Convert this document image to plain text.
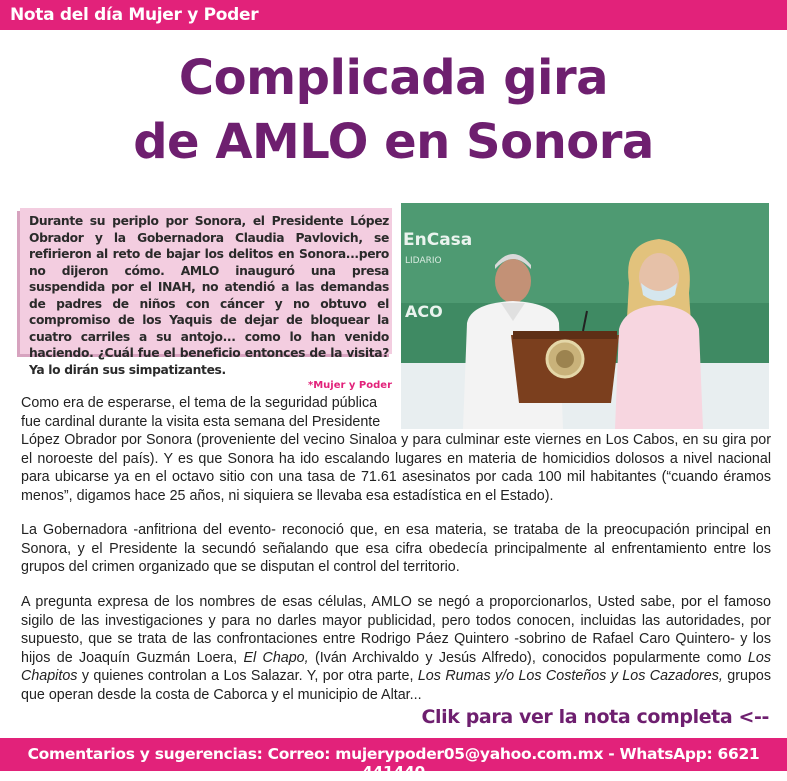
Nota del día Mujer y Poder
Complicada gira
de AMLO en Sonora
Durante su periplo por Sonora, el Presidente López Obrador y la Gobernadora Claudia Pavlovich, se refirieron al reto de bajar los delitos en Sonora...pero no dijeron cómo. AMLO inauguró una presa suspendida por el INAH, no atendió a las demandas de padres de niños con cáncer y no obtuvo el compromiso de los Yaquis de dejar de bloquear la cuatro carriles a su antojo... como lo han venido haciendo. ¿Cuál fue el beneficio entonces de la visita? Ya lo dirán sus simpatizantes.
EnCasa
LIDARIO
ACO
*Mujer y Poder
Como era de esperarse, el tema de la seguridad pública
fue cardinal durante la visita esta semana del Presidente
López Obrador por Sonora (proveniente del vecino Sinaloa y para culminar este viernes en Los Cabos, en su gira por el noroeste del país). Y es que Sonora ha ido escalando lugares en materia de homicidios dolosos a nivel nacional para ubicarse ya en el octavo sitio con una tasa de 71.61 asesinatos por cada 100 mil habitantes (“cuando éramos menos”, digamos hace 25 años, ni siquiera se llevaba esa estadística en el Estado).
La Gobernadora -anfitriona del evento- reconoció que, en esa materia, se trataba de la preocupación principal en Sonora, y el Presidente la secundó señalando que esa cifra obedecía principalmente al enfrentamiento entre los grupos del crimen organizado que se disputan el control del territorio.
A pregunta expresa de los nombres de esas células, AMLO se negó a proporcionarlos, Usted sabe, por el famoso sigilo de las investigaciones y para no darles mayor publicidad, pero todos conocen, incluidas las autoridades, por supuesto, que se trata de las confrontaciones entre Rodrigo Páez Quintero -sobrino de Rafael Caro Quintero- y los hijos de Joaquín Guzmán Loera, El Chapo, (Iván Archivaldo y Jesús Alfredo), conocidos popularmente como Los Chapitos y quienes controlan a Los Salazar. Y, por otra parte, Los Rumas y/o Los Costeños y Los Cazadores, grupos que operan desde la costa de Caborca y el municipio de Altar...
Clik para ver la nota completa <--
Comentarios y sugerencias: Correo: mujerypoder05@yahoo.com.mx - WhatsApp: 6621 441440
